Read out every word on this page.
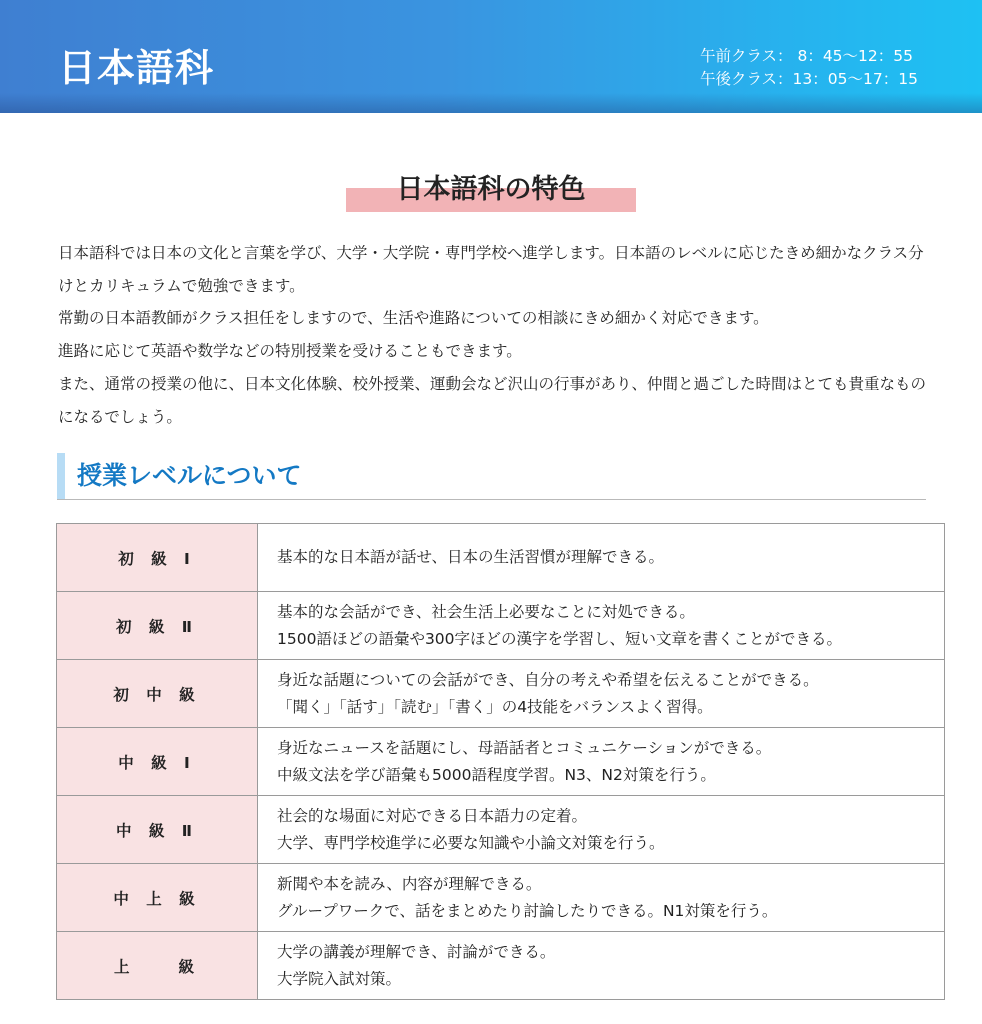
日本語科	午前クラス： 8：45〜12：55
午後クラス：13：05〜17：15
日本語科の特色

日本語科では日本の文化と言葉を学び、大学・大学院・専門学校へ進学します。日本語のレベルに応じたきめ細かなクラス分けとカリキュラムで勉強できます。

常勤の日本語教師がクラス担任をしますので、生活や進路についての相談にきめ細かく対応できます。

進路に応じて英語や数学などの特別授業を受けることもできます。

また、通常の授業の他に、日本文化体験、校外授業、運動会など沢山の行事があり、仲間と過ごした時間はとても貴重なものになるでしょう。

授業レベルについて
初 級 Ⅰ	基本的な日本語が話せ、日本の生活習慣が理解できる。

初 級 Ⅱ	基本的な会話ができ、社会生活上必要なことに対処できる。
1500語ほどの語彙や300字ほどの漢字を学習し、短い文章を書くことができる。

初 中 級	身近な話題についての会話ができ、自分の考えや希望を伝えることができる。
「聞く」「話す」「読む」「書く」の4技能をバランスよく習得。

中 級 Ⅰ	身近なニュースを話題にし、母語話者とコミュニケーションができる。
中級文法を学び語彙も5000語程度学習。N3、N2対策を行う。

中 級 Ⅱ	社会的な場面に対応できる日本語力の定着。
大学、専門学校進学に必要な知識や小論文対策を行う。

中 上 級	新聞や本を読み、内容が理解できる。
グループワークで、話をまとめたり討論したりできる。N1対策を行う。

上　　級	大学の講義が理解でき、討論ができる。
大学院入試対策。
